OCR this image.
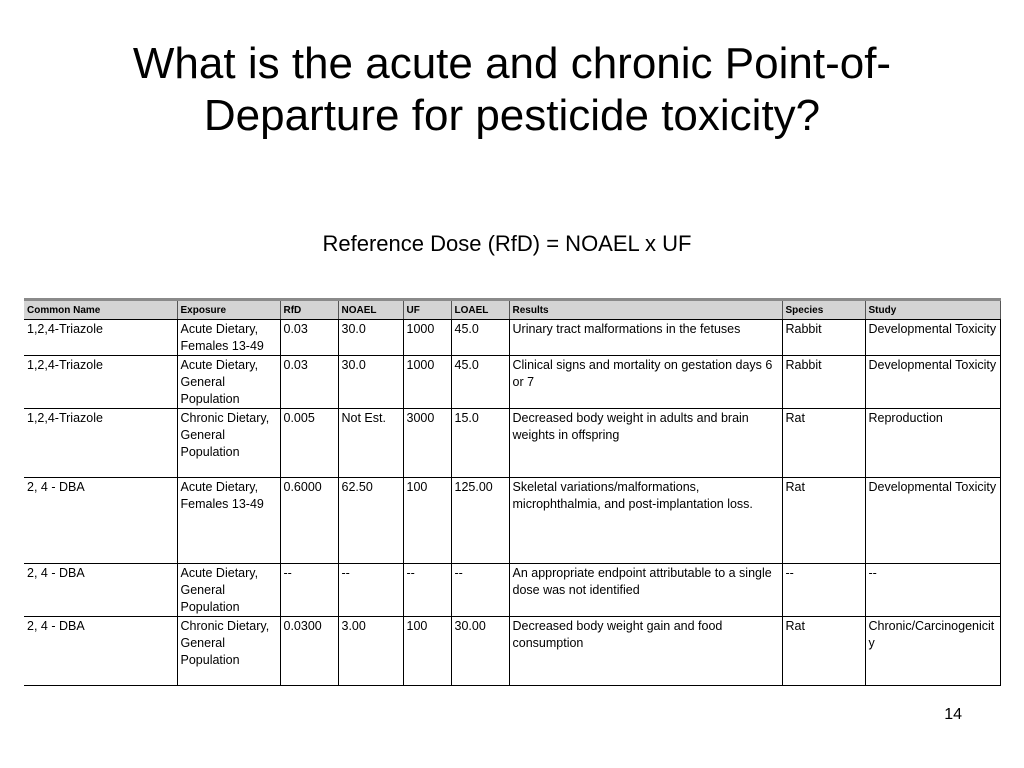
What is the acute and chronic Point-of-Departure for pesticide toxicity?
Reference Dose (RfD) = NOAEL x UF
Common Name	Exposure	RfD	NOAEL	UF	LOAEL	Results	Species	Study
1,2,4-Triazole	Acute Dietary, Females 13-49	0.03	30.0	1000	45.0	Urinary tract malformations in the fetuses	Rabbit	Developmental Toxicity
1,2,4-Triazole	Acute Dietary, General Population	0.03	30.0	1000	45.0	Clinical signs and mortality on gestation days 6 or 7	Rabbit	Developmental Toxicity
1,2,4-Triazole	Chronic Dietary, General Population	0.005	Not Est.	3000	15.0	Decreased body weight in adults and brain weights in offspring	Rat	Reproduction
2, 4 - DBA	Acute Dietary, Females 13-49	0.6000	62.50	100	125.00	Skeletal variations/malformations, microphthalmia, and post-implantation loss.	Rat	Developmental Toxicity
2, 4 - DBA	Acute Dietary, General Population	--	--	--	--	An appropriate endpoint attributable to a single dose was not identified	--	--
2, 4 - DBA	Chronic Dietary, General Population	0.0300	3.00	100	30.00	Decreased body weight gain and food consumption	Rat	Chronic/Carcinogenicity
14
